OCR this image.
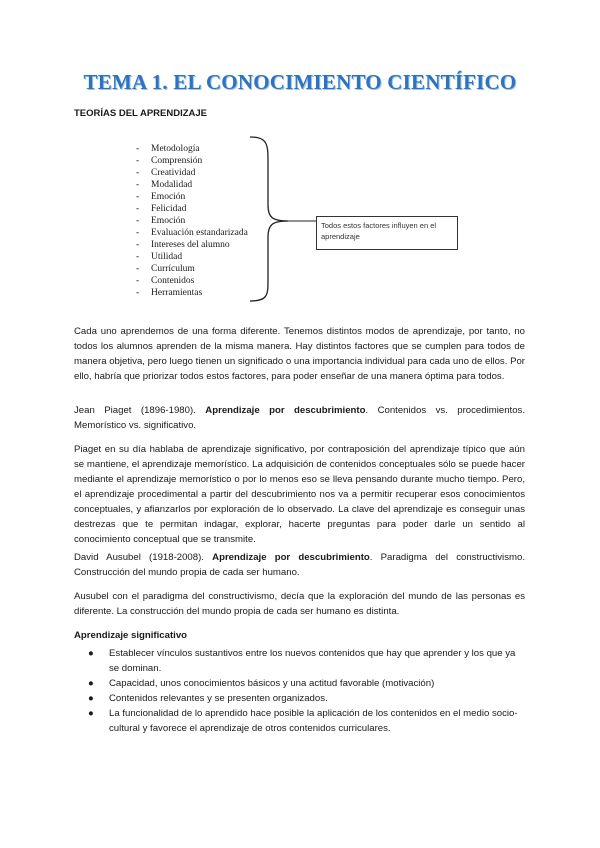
TEMA 1. EL CONOCIMIENTO CIENTÍFICO
TEORÍAS DEL APRENDIZAJE
-	Metodología
-	Comprensión
-	Creatividad
-	Modalidad
-	Emoción
-	Felicidad
-	Emoción
-	Evaluación estandarizada
-	Intereses del alumno
-	Utilidad
-	Currículum
-	Contenidos
-	Herramientas
Todos estos factores influyen en el aprendizaje

Cada uno aprendemos de una forma diferente. Tenemos distintos modos de aprendizaje, por tanto, no todos los alumnos aprenden de la misma manera. Hay distintos factores que se cumplen para todos de manera objetiva, pero luego tienen un significado o una importancia individual para cada uno de ellos. Por ello, habría que priorizar todos estos factores, para poder enseñar de una manera óptima para todos.

Jean Piaget (1896-1980). Aprendizaje por descubrimiento. Contenidos vs. procedimientos. Memorístico vs. significativo.

Piaget en su día hablaba de aprendizaje significativo, por contraposición del aprendizaje típico que aún se mantiene, el aprendizaje memorístico. La adquisición de contenidos conceptuales sólo se puede hacer mediante el aprendizaje memorístico o por lo menos eso se lleva pensando durante mucho tiempo. Pero, el aprendizaje procedimental a partir del descubrimiento nos va a permitir recuperar esos conocimientos conceptuales, y afianzarlos por exploración de lo observado. La clave del aprendizaje es conseguir unas destrezas que te permitan indagar, explorar, hacerte preguntas para poder darle un sentido al conocimiento conceptual que se transmite.

David Ausubel (1918-2008). Aprendizaje por descubrimiento. Paradigma del constructivismo. Construcción del mundo propia de cada ser humano.

Ausubel con el paradigma del constructivismo, decía que la exploración del mundo de las personas es diferente. La construcción del mundo propia de cada ser humano es distinta.

Aprendizaje significativo

● Establecer vínculos sustantivos entre los nuevos contenidos que hay que aprender y los que ya se dominan.
● Capacidad, unos conocimientos básicos y una actitud favorable (motivación)
● Contenidos relevantes y se presenten organizados.
● La funcionalidad de lo aprendido hace posible la aplicación de los contenidos en el medio socio-cultural y favorece el aprendizaje de otros contenidos curriculares.
